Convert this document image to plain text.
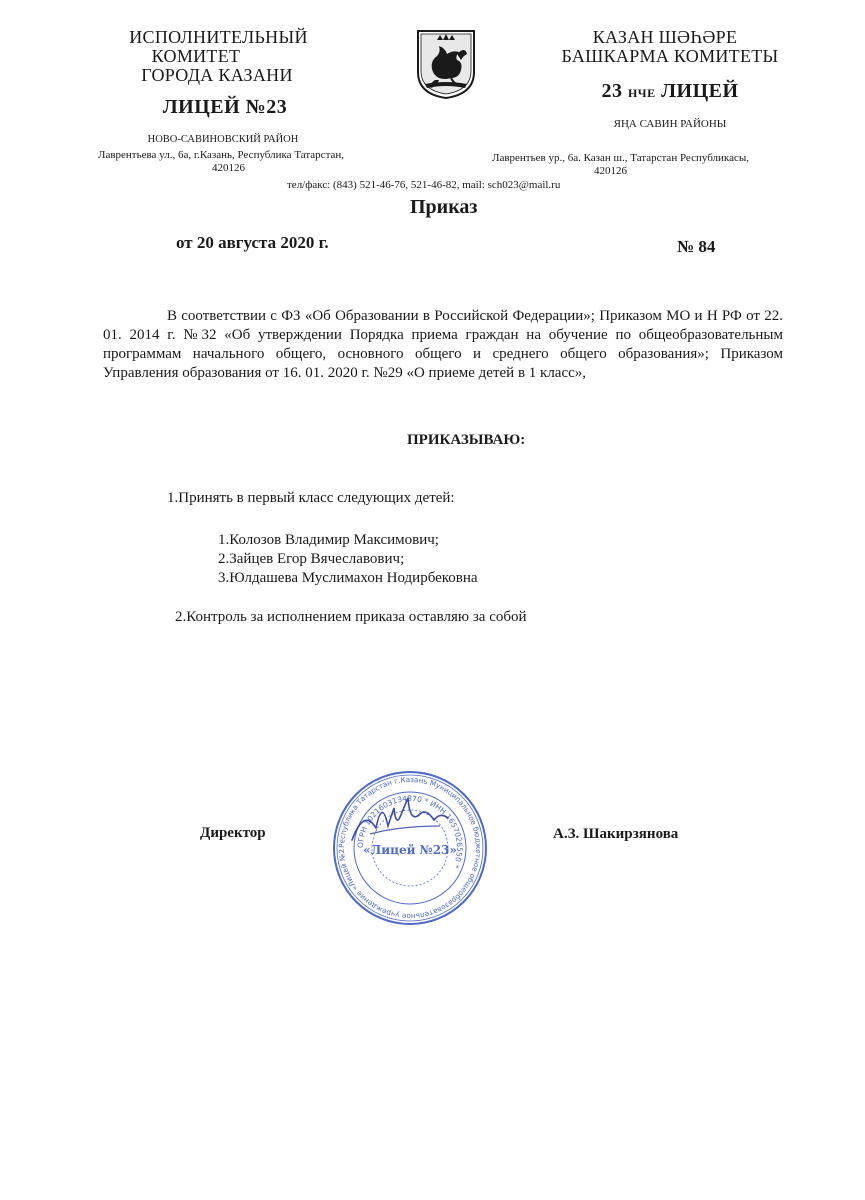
ИСПОЛНИТЕЛЬНЫЙ
КОМИТЕТ
ГОРОДА КАЗАНИ
ЛИЦЕЙ №23
НОВО-САВИНОВСКИЙ РАЙОН
Лаврентьева ул., 6а, г.Казань, Республика Татарстан,
420126
КАЗАН ШӘҺӘРЕ
БАШКАРМА КОМИТЕТЫ
23 НЧЕ ЛИЦЕЙ
ЯҢА САВИН РАЙОНЫ
Лаврентьев ур., 6а. Казан ш., Татарстан Республикасы,
420126
тел/факс: (843) 521-46-76, 521-46-82, mail: sch023@mail.ru
Приказ
от 20 августа 2020 г.	№ 84
В соответствии с ФЗ «Об Образовании в Российской Федерации»; Приказом МО и Н РФ от 22. 01. 2014 г. №32 «Об утверждении Порядка приема граждан на обучение по общеобразовательным программам начального общего, основного общего и среднего общего образования»; Приказом Управления образования от 16. 01. 2020 г. №29 «О приеме детей в 1 класс»,
ПРИКАЗЫВАЮ:
1.Принять в первый класс следующих детей:
1.Колозов Владимир Максимович;
2.Зайцев Егор Вячеславович;
3.Юлдашева Муслимахон Нодирбековна
2.Контроль за исполнением приказа оставляю за собой
Директор	А.З. Шакирзянова
Республика Татарстан г.Казань Муниципальное бюджетное общеобразовательное учреждение «Лицей №2
ОГРН 1021603134870 * ИНН 1657026550 *
«Лицей №23»
